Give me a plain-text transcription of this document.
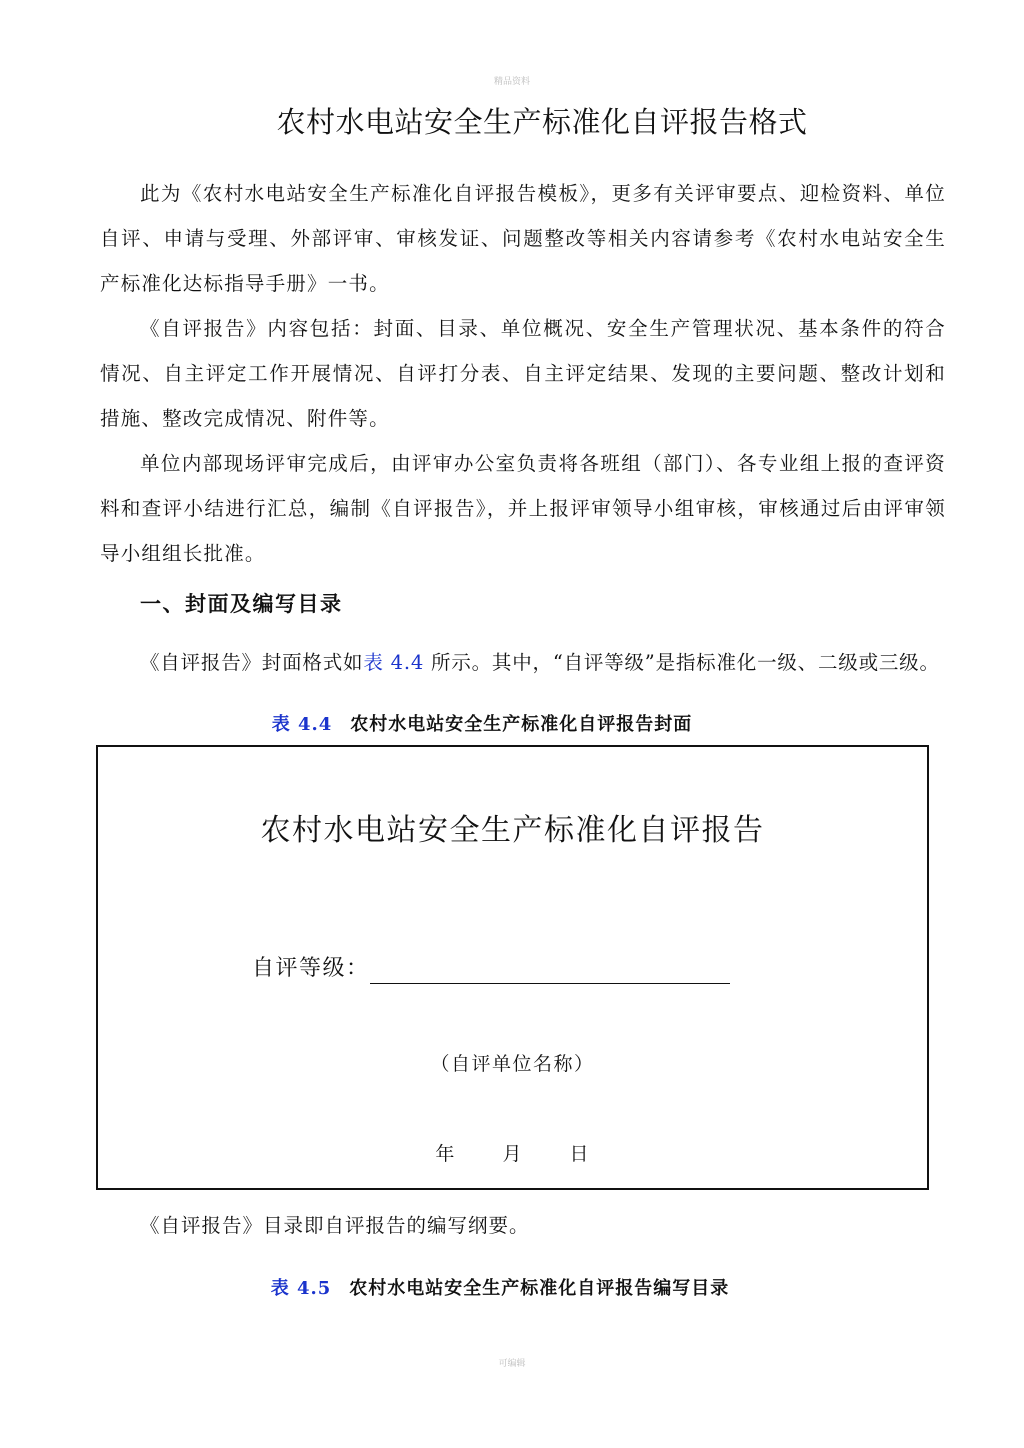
精品资料
农村水电站安全生产标准化自评报告格式
此为《农村水电站安全生产标准化自评报告模板》，更多有关评审要点、迎检资料、单位自评、申请与受理、外部评审、审核发证、问题整改等相关内容请参考《农村水电站安全生产标准化达标指导手册》一书。
《自评报告》内容包括：封面、目录、单位概况、安全生产管理状况、基本条件的符合情况、自主评定工作开展情况、自评打分表、自主评定结果、发现的主要问题、整改计划和措施、整改完成情况、附件等。
单位内部现场评审完成后，由评审办公室负责将各班组（部门）、各专业组上报的查评资料和查评小结进行汇总，编制《自评报告》，并上报评审领导小组审核，审核通过后由评审领导小组组长批准。
一、封面及编写目录
《自评报告》封面格式如表 4.4 所示。其中，“自评等级”是指标准化一级、二级或三级。
表 4.4 农村水电站安全生产标准化自评报告封面
农村水电站安全生产标准化自评报告
自评等级：
（自评单位名称）
年 月 日
《自评报告》目录即自评报告的编写纲要。
表 4.5 农村水电站安全生产标准化自评报告编写目录
可编辑
